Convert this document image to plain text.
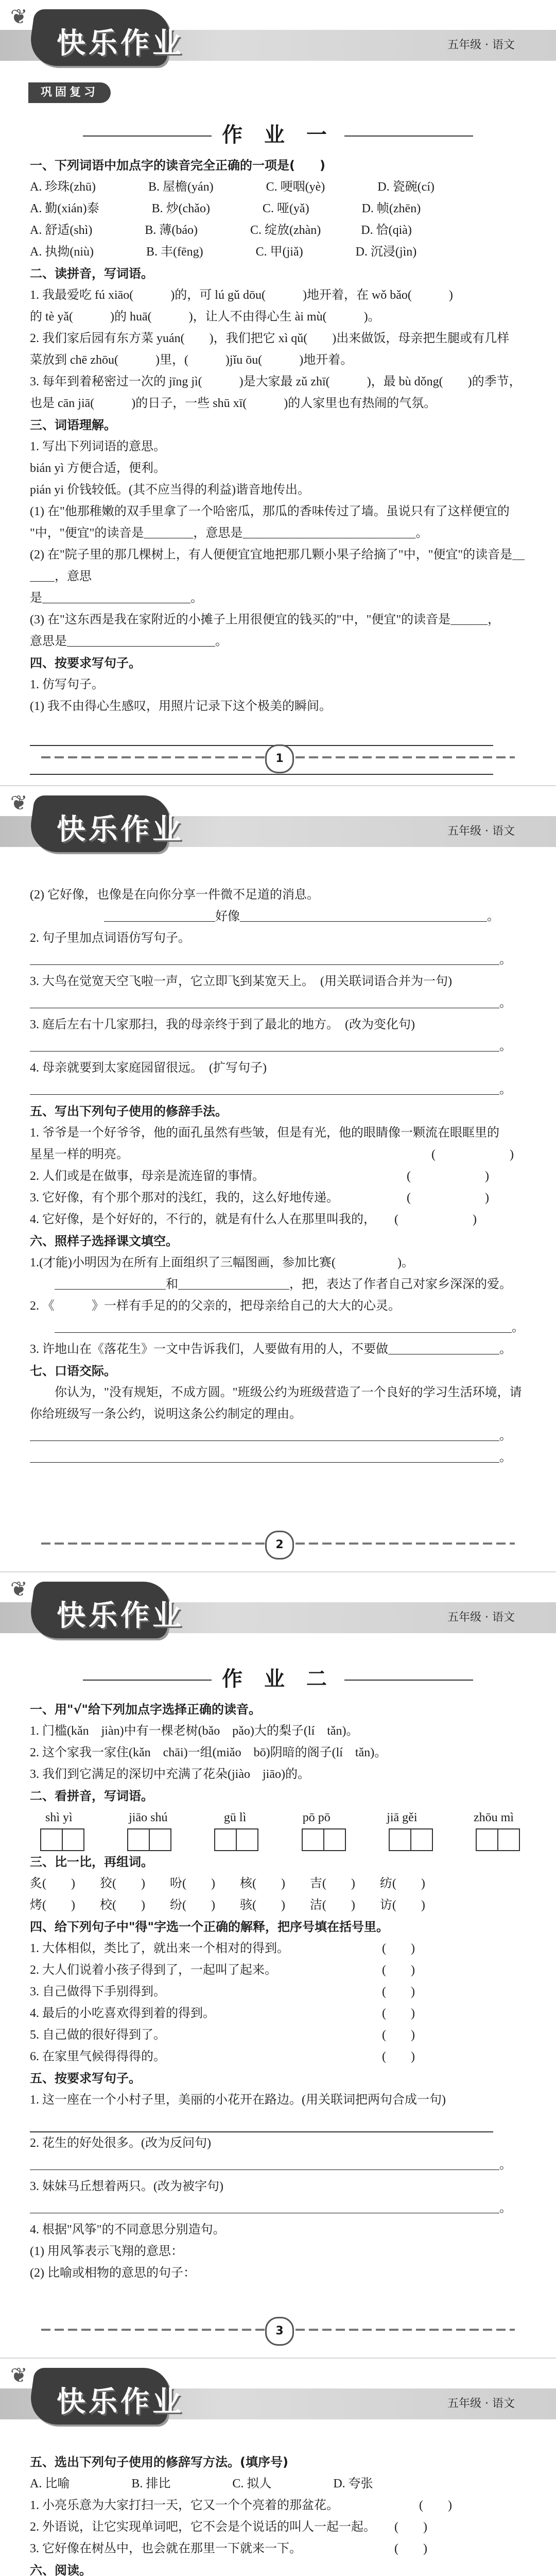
❦
快乐作业	五年级 · 语文
巩固复习
作 业 一

一、下列词语中加点字的读音完全正确的一项是(　　)

A. 珍珠(zhū)　　　　 B. 屋檐(yán)　　　　 C. 哽咽(yè)　　　　 D. 瓷碗(cí)

A. 勤(xián)泰　　　　 B. 炒(chǎo)　　　　 C. 哑(yǎ)　　　　 D. 帧(zhēn)

A. 舒适(shì)　　　　 B. 薄(báo)　　　　 C. 绽放(zhàn)　　　 D. 恰(qià)

A. 执拗(niù)　　　　 B. 丰(fēng)　　　　 C. 甲(jiǎ)　　　　 D. 沉浸(jìn)

二、读拼音，写词语。

1. 我最爱吃 fú xiāo(　　　)的，可 lú gǔ dōu(　　　)地开着，在 wǒ bǎo(　　　)

的 tè yǎ(　　　)的 huā(　　　)，让人不由得心生 ài mù(　　　)。

2. 我们家后园有东方菜 yuán(　　)，我们把它 xì qǔ(　　)出来做饭，母亲把生腿或有几样

菜放到 chē zhōu(　　　)里，(　　　)jǐu ōu(　　　)地开着。

3. 每年到着秘密过一次的 jīng jì(　　　)是大家最 zǔ zhī(　　　)，最 bù dǒng(　　)的季节，

也是 cān jiā(　　　)的日子，一些 shū xī(　　　)的人家里也有热闹的气氛。

三、词语理解。

1. 写出下列词语的意思。

bián yì 方便合适，便利。

pián yi 价钱较低。(其不应当得的利益)谐音地传出。

(1) 在"他那稚嫩的双手里拿了一个哈密瓜，那瓜的香味传过了墙。虽说只有了这样便宜的

"中，"便宜"的读音是＿＿＿＿，意思是＿＿＿＿＿＿＿＿＿＿＿＿＿＿。

(2) 在"院子里的那几棵树上，有人便便宜宜地把那几颗小果子给摘了"中，"便宜"的读音是＿＿＿，意思

是＿＿＿＿＿＿＿＿＿＿＿＿。

(3) 在"这东西是我在家附近的小摊子上用很便宜的钱买的"中，"便宜"的读音是＿＿＿，

意思是＿＿＿＿＿＿＿＿＿＿＿＿。

四、按要求写句子。

1. 仿写句子。

(1) 我不由得心生感叹，用照片记录下这个极美的瞬间。

1
❦
快乐作业	五年级 · 语文

(2) 它好像，也像是在向你分享一件微不足道的消息。

　　　　　　＿＿＿＿＿＿＿＿＿好像＿＿＿＿＿＿＿＿＿＿＿＿＿＿＿＿＿＿＿＿。

2. 句子里加点词语仿写句子。

＿＿＿＿＿＿＿＿＿＿＿＿＿＿＿＿＿＿＿＿＿＿＿＿＿＿＿＿＿＿＿＿＿＿＿＿＿＿。

3. 大鸟在觉宽天空飞啦一声，它立即飞到某宽天上。　(用关联词语合并为一句)

＿＿＿＿＿＿＿＿＿＿＿＿＿＿＿＿＿＿＿＿＿＿＿＿＿＿＿＿＿＿＿＿＿＿＿＿＿＿。

3. 庭后左右十几家那扫，我的母亲终于到了最北的地方。　(改为变化句)

＿＿＿＿＿＿＿＿＿＿＿＿＿＿＿＿＿＿＿＿＿＿＿＿＿＿＿＿＿＿＿＿＿＿＿＿＿＿。

4. 母亲就要到太家庭园留很远。　(扩写句子)

＿＿＿＿＿＿＿＿＿＿＿＿＿＿＿＿＿＿＿＿＿＿＿＿＿＿＿＿＿＿＿＿＿＿＿＿＿＿。

五、写出下列句子使用的修辞手法。

1. 爷爷是一个好爷爷，他的面孔虽然有些皱，但是有光，他的眼睛像一颗流在眼眶里的

星星一样的明亮。　　　　　　　　　　　　　　　　　　　　　　　　　(　　　　　　)

2. 人们或是在做事，母亲是流连留的事情。　　　　　　　　　　　　(　　　　　　)

3. 它好像，有个那个那对的浅红，我的，这么好地传递。　　　　　　(　　　　　　)

4. 它好像，是个好好的，不行的，就是有什么人在那里叫我的，　　(　　　　　　)

六、照样子选择课文填空。

1.(才能)小明因为在所有上面组织了三幅图画，参加比赛(　　　　　)。

　　＿＿＿＿＿＿＿＿＿和＿＿＿＿＿＿＿＿＿，把，表达了作者自己对家乡深深的爱。

2. 《　　　》一样有手足的的父亲的，把母亲给自己的大大的心灵。

　　＿＿＿＿＿＿＿＿＿＿＿＿＿＿＿＿＿＿＿＿＿＿＿＿＿＿＿＿＿＿＿＿＿＿＿＿＿。

3. 许地山在《落花生》一文中告诉我们，人要做有用的人，不要做＿＿＿＿＿＿＿＿＿。

七、口语交际。

　　你认为，"没有规矩，不成方圆。"班级公约为班级营造了一个良好的学习生活环境，请你给班级写一条公约，说明这条公约制定的理由。

＿＿＿＿＿＿＿＿＿＿＿＿＿＿＿＿＿＿＿＿＿＿＿＿＿＿＿＿＿＿＿＿＿＿＿＿＿＿。

＿＿＿＿＿＿＿＿＿＿＿＿＿＿＿＿＿＿＿＿＿＿＿＿＿＿＿＿＿＿＿＿＿＿＿＿＿＿。

2
❦
快乐作业	五年级 · 语文
作 业 二

一、用"√"给下列加点字选择正确的读音。

1. 门槛(kǎn　jiàn)中有一棵老树(bǎo　pǎo)大的梨子(lí　tǎn)。

2. 这个家我一家住(kǎn　chāi)一组(miǎo　bō)阴暗的阁子(lí　tǎn)。

3. 我们到它满足的深切中充满了花朵(jiào　jiāo)的。

二、看拼音，写词语。

shì yì	jiāo shú	gū lì	pō pō	jiā gěi	zhōu mì

三、比一比，再组词。

炙(　　)　　狡(　　)　　吩(　　)　　核(　　)　　吉(　　)　　纺(　　)

烤(　　)　　校(　　)　　纷(　　)　　骇(　　)　　洁(　　)　　访(　　)

四、给下列句子中"得"字选一个正确的解释，把序号填在括号里。

1. 大体相似，类比了，就出来一个相对的得到。　　　　　　　　(　　)

2. 大人们说着小孩子得到了，一起叫了起来。　　　　　　　　　(　　)

3. 自己做得下手别得到。　　　　　　　　　　　　　　　　　　(　　)

4. 最后的小吃喜欢得到着的得到。　　　　　　　　　　　　　　(　　)

5. 自己做的很好得到了。　　　　　　　　　　　　　　　　　　(　　)

6. 在家里气候得得得的。　　　　　　　　　　　　　　　　　　(　　)

五、按要求写句子。

1. 这一座在一个小村子里，美丽的小花开在路边。(用关联词把两句合成一句)

2. 花生的好处很多。(改为反问句)

＿＿＿＿＿＿＿＿＿＿＿＿＿＿＿＿＿＿＿＿＿＿＿＿＿＿＿＿＿＿＿＿＿＿＿＿＿＿。

3. 妹妹马丘想着两只。(改为被字句)

＿＿＿＿＿＿＿＿＿＿＿＿＿＿＿＿＿＿＿＿＿＿＿＿＿＿＿＿＿＿＿＿＿＿＿＿＿＿。

4. 根据"风筝"的不同意思分别造句。

(1) 用风筝表示飞翔的意思：

(2) 比喻或相物的意思的句子：

3
❦
快乐作业	五年级 · 语文

五、选出下列句子使用的修辞写方法。(填序号)

A. 比喻　　　　　B. 排比　　　　　C. 拟人　　　　　D. 夸张

1. 小亮乐意为大家打扫一天，它又一个个亮着的那盆花。　　　　　　　(　　)

2. 外语说，让它实现单词吧，它不会是个说话的叫人一起一起。　　(　　)

3. 它好像在树丛中，也会就在那里一下就来一下。　　　　　　　　(　　)

六、阅读。
